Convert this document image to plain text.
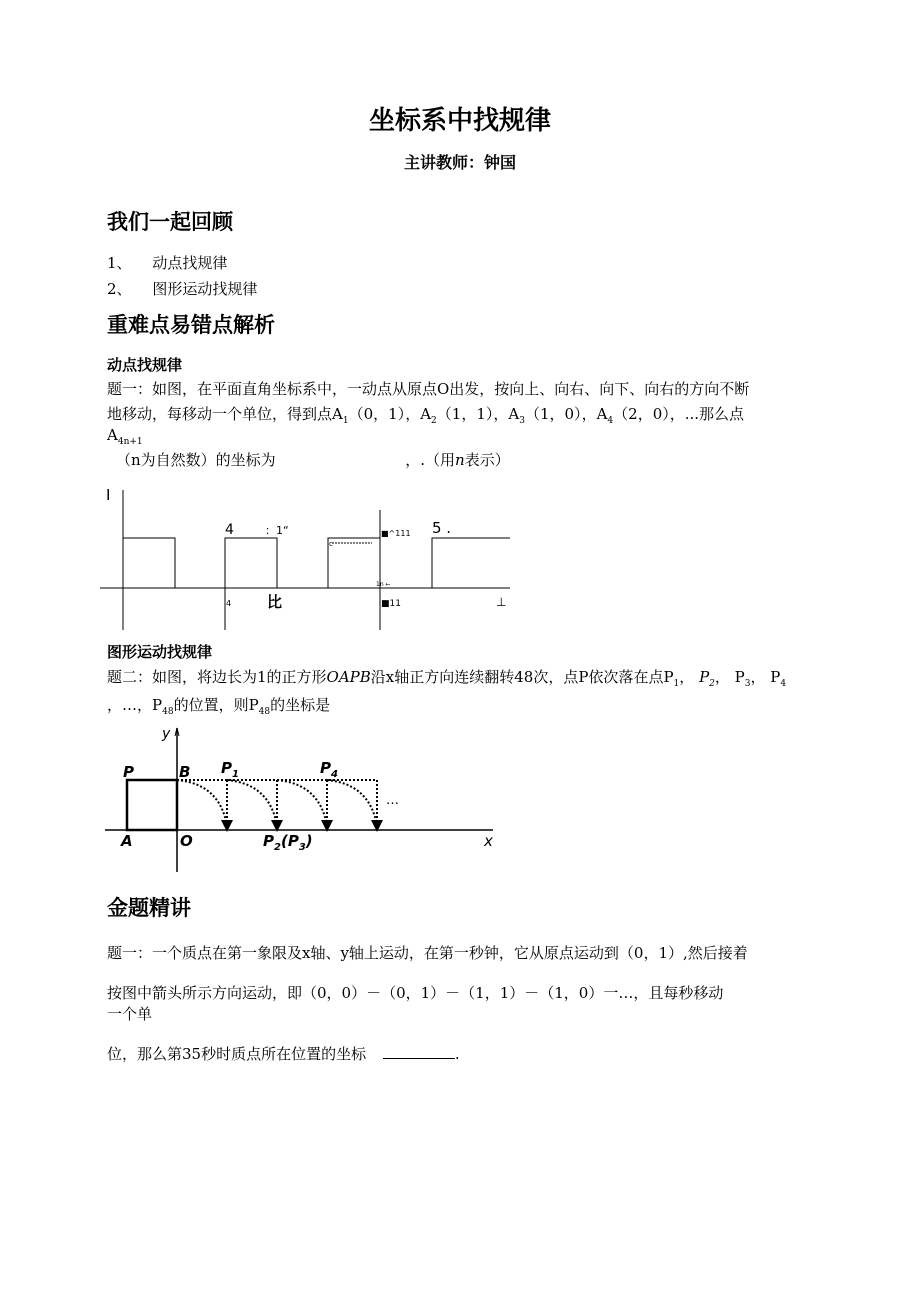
坐标系中找规律
主讲教师：钟国
我们一起回顾
1、 动点找规律
2、 图形运动找规律
重难点易错点解析
动点找规律
题一：如图，在平面直角坐标系中，一动点从原点O出发，按向上、向右、向下、向右的方向不断
地移动，每移动一个单位，得到点$A_1(0$，1），$A_2(1$，1），$A_3(1$，0），$A_4(2$，0），...那么点
$A_{4n+1}$
（n为自然数）的坐标为	，.（用n表示）
I
4	：1“
c
■^111 5 .
1n ←
4 比	■11	⊥
图形运动找规律
题二：如图，将边长为1的正方形OAPB沿x轴正方向连续翻转48次，点P依次落在点$P_1$， $P_2$， $P_3$， $P_4$
，…，$P_{48}$的位置，则$P_{48}$的坐标是
y
x
P	B
A	O
$P_1$	$P_4$
$P_2(P_3)$
…
金题精讲
题一：一个质点在第一象限及x轴、y轴上运动，在第一秒钟，它从原点运动到（0，1）,然后接着
按图中箭头所示方向运动，即（0，0）－（0，1）－（1，1）－（1，0）一…，且每秒移动
一个单
位，那么第35秒时质点所在位置的坐标	.
